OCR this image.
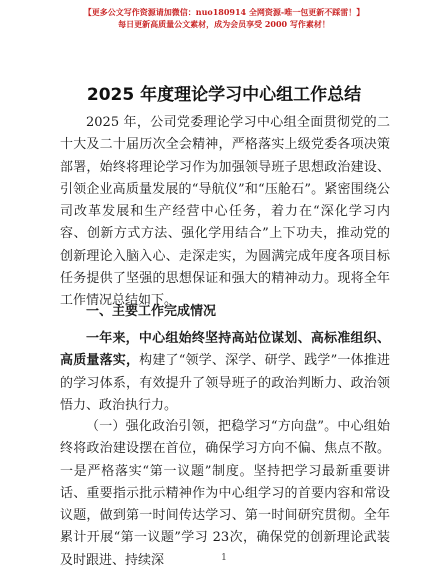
【更多公文写作资源请加微信：nuo180914 全网资源-唯一包更新不踩雷！】
每日更新高质量公文素材，成为会员享受 2000 写作素材！
2025 年度理论学习中心组工作总结
2025 年，公司党委理论学习中心组全面贯彻党的二十大及二十届历次全会精神，严格落实上级党委各项决策部署，始终将理论学习作为加强领导班子思想政治建设、引领企业高质量发展的“导航仪”和“压舱石”。紧密围绕公司改革发展和生产经营中心任务，着力在“深化学习内容、创新方式方法、强化学用结合”上下功夫，推动党的创新理论入脑入心、走深走实，为圆满完成年度各项目标任务提供了坚强的思想保证和强大的精神动力。现将全年工作情况总结如下。
一、主要工作完成情况
一年来，中心组始终坚持高站位谋划、高标准组织、高质量落实，构建了“领学、深学、研学、践学”一体推进的学习体系，有效提升了领导班子的政治判断力、政治领悟力、政治执行力。
（一）强化政治引领，把稳学习“方向盘”。中心组始终将政治建设摆在首位，确保学习方向不偏、焦点不散。一是严格落实“第一议题”制度。坚持把学习最新重要讲话、重要指示批示精神作为中心组学习的首要内容和常设议题，做到第一时间传达学习、第一时间研究贯彻。全年累计开展“第一议题”学习 23次，确保党的创新理论武装及时跟进、持续深	1
